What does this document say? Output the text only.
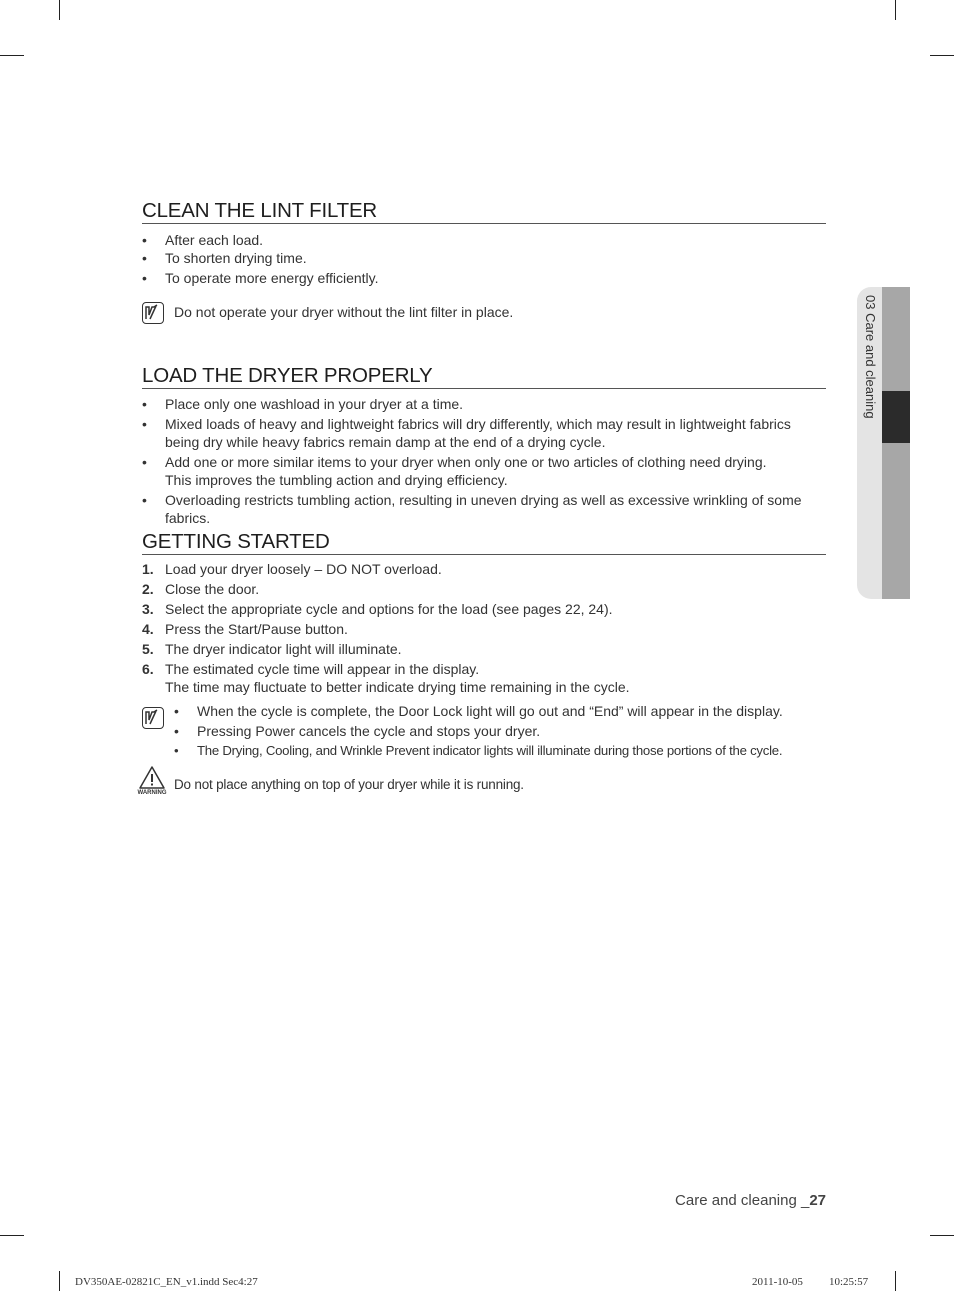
03 Care and cleaning
CLEAN THE LINT FILTER
•	After each load.
•	To shorten drying time.
•	To operate more energy efficiently.
Do not operate your dryer without the lint filter in place.
LOAD THE DRYER PROPERLY
•	Place only one washload in your dryer at a time.
•	Mixed loads of heavy and lightweight fabrics will dry differently, which may result in lightweight fabrics being dry while heavy fabrics remain damp at the end of a drying cycle.
•	Add one or more similar items to your dryer when only one or two articles of clothing need drying.
This improves the tumbling action and drying efficiency.
•	Overloading restricts tumbling action, resulting in uneven drying as well as excessive wrinkling of some fabrics.
GETTING STARTED
1. Load your dryer loosely – DO NOT overload.
2. Close the door.
3. Select the appropriate cycle and options for the load (see pages 22, 24).
4. Press the Start/Pause button.
5. The dryer indicator light will illuminate.
6. The estimated cycle time will appear in the display.
The time may fluctuate to better indicate drying time remaining in the cycle.
•	When the cycle is complete, the Door Lock light will go out and “End” will appear in the display.
•	Pressing Power cancels the cycle and stops your dryer.
•	The Drying, Cooling, and Wrinkle Prevent indicator lights will illuminate during those portions of the cycle.
WARNING
Do not place anything on top of your dryer while it is running.
Care and cleaning _27
DV350AE-02821C_EN_v1.indd Sec4:27	2011-10-05 10:25:57
